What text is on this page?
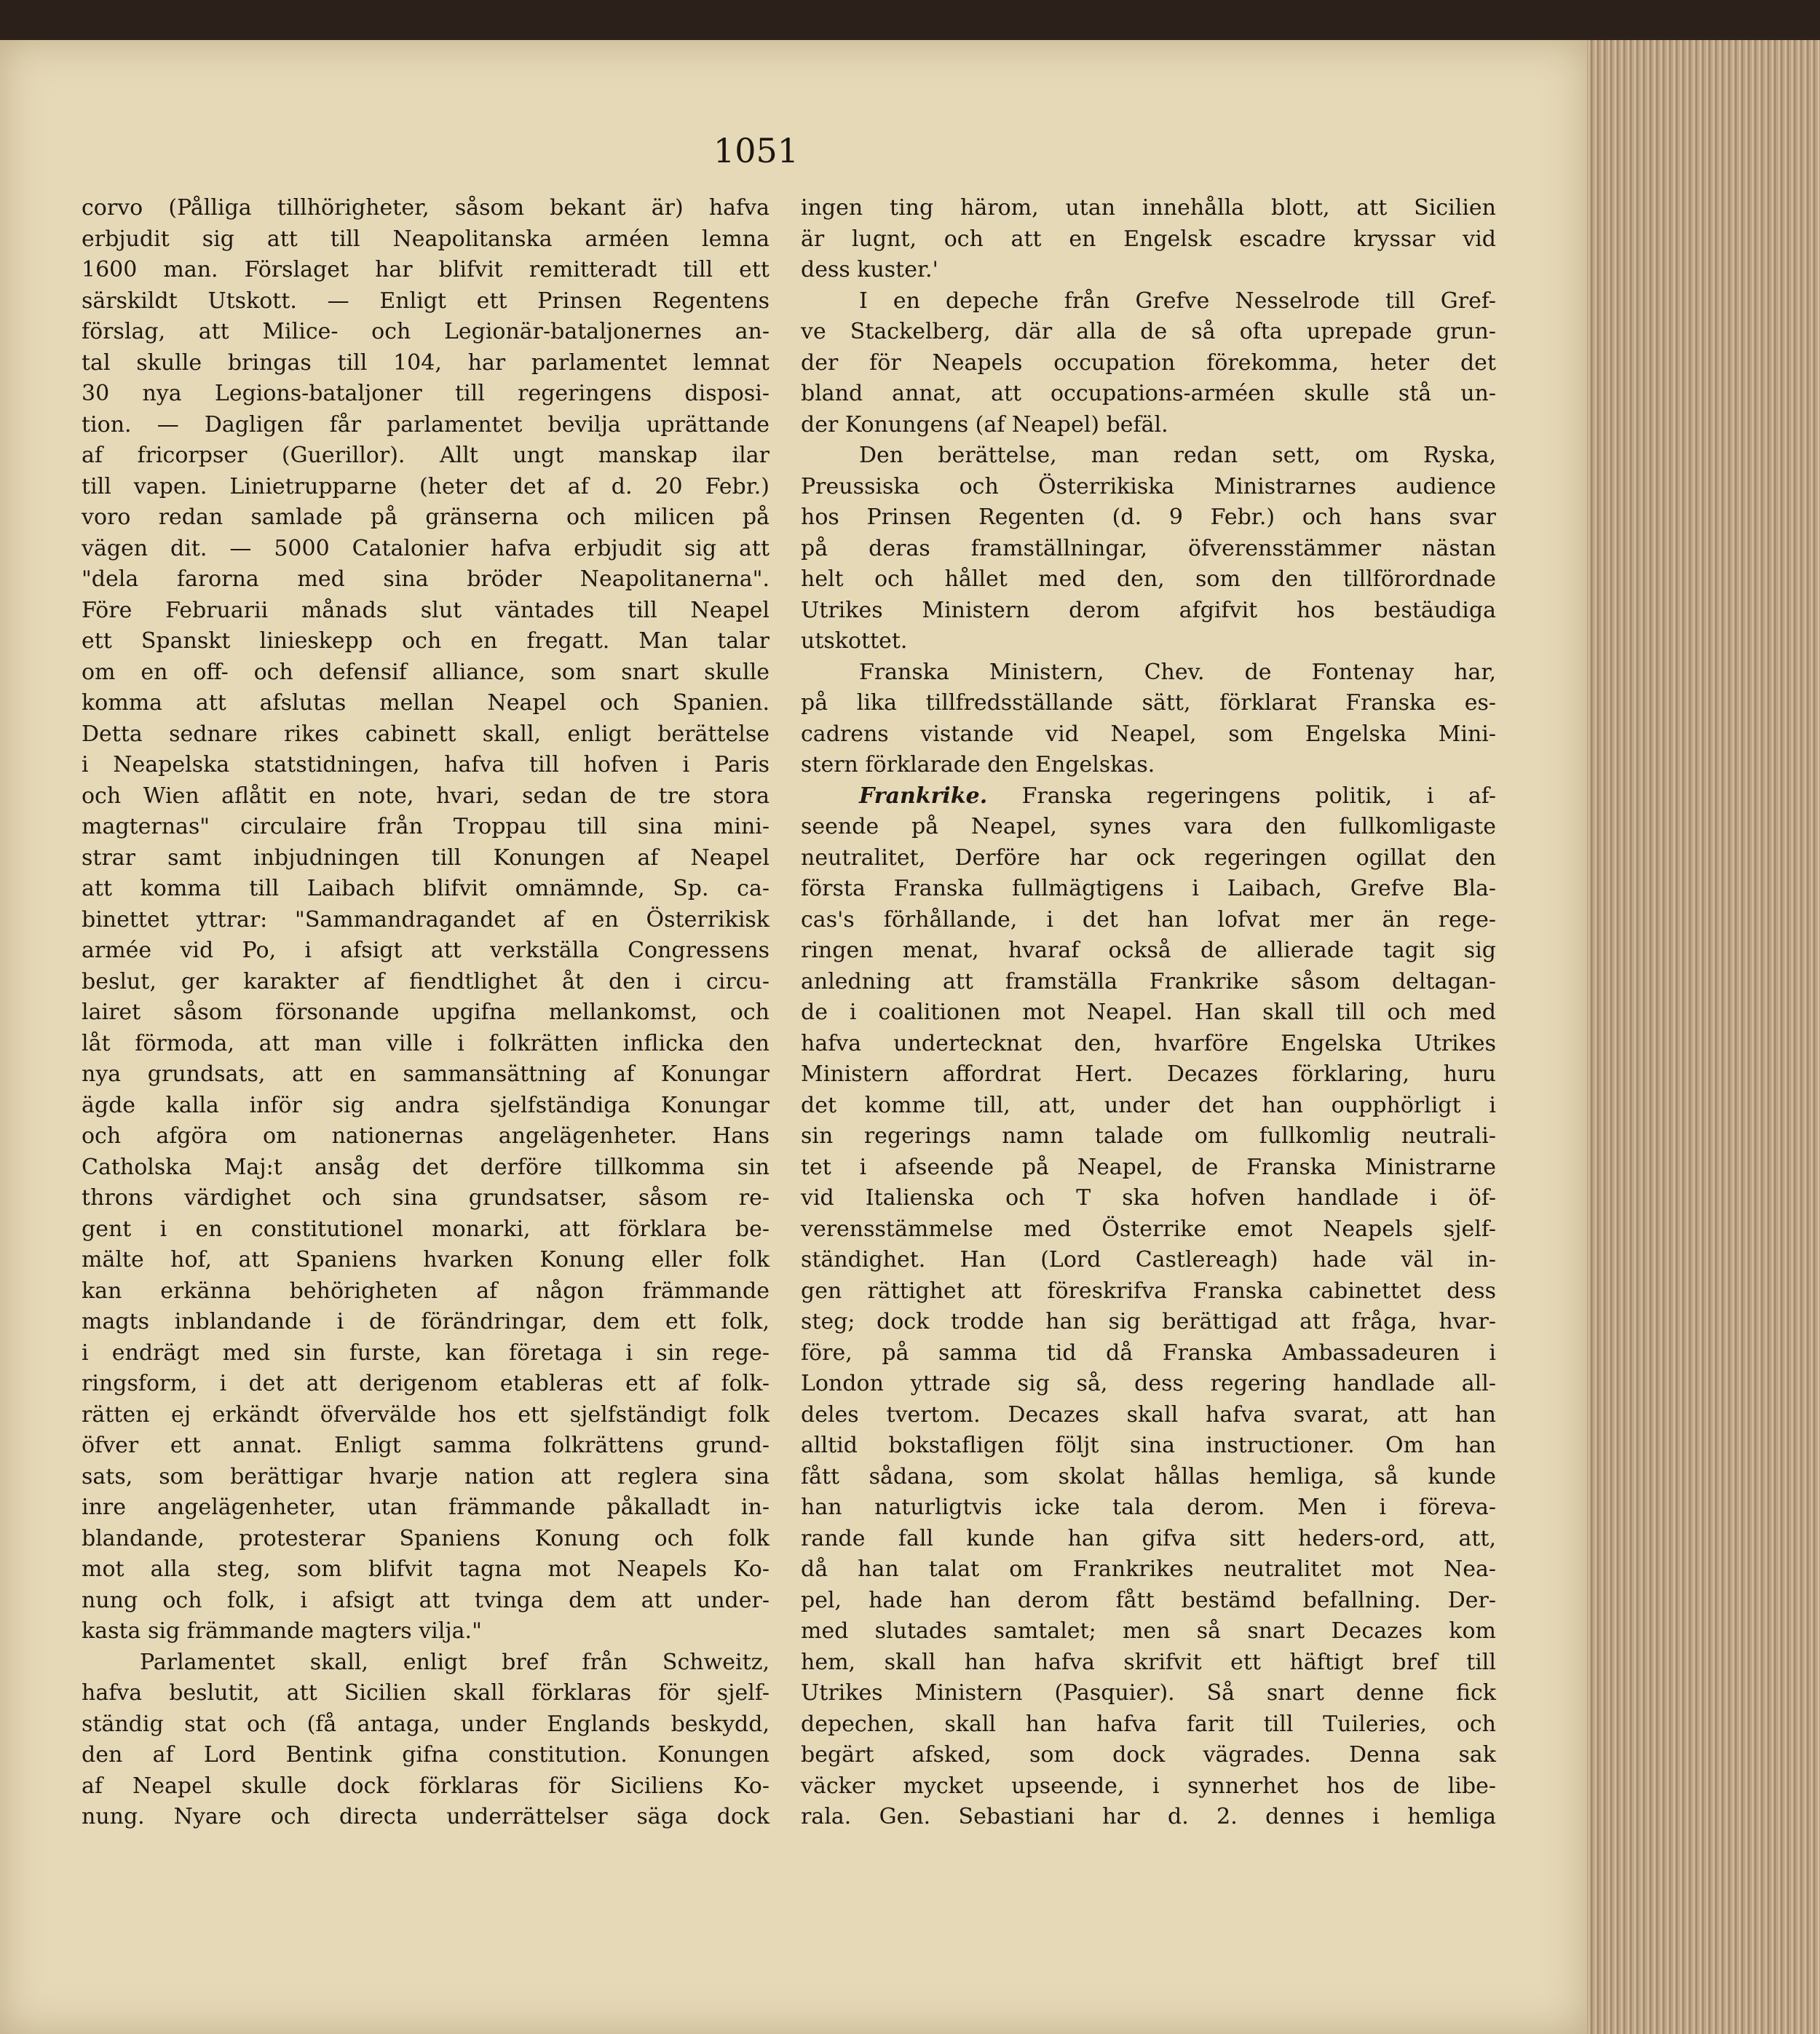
1051
corvo (Pålliga tillhörigheter, såsom bekant är) hafva
erbjudit sig att till Neapolitanska arméen lemna
1600 man. Förslaget har blifvit remitteradt till ett
särskildt Utskott. — Enligt ett Prinsen Regentens
förslag, att Milice- och Legionär-bataljonernes an-
tal skulle bringas till 104, har parlamentet lemnat
30 nya Legions-bataljoner till regeringens disposi-
tion. — Dagligen får parlamentet bevilja uprättande
af fricorpser (Guerillor). Allt ungt manskap ilar
till vapen. Linietrupparne (heter det af d. 20 Febr.)
voro redan samlade på gränserna och milicen på
vägen dit. — 5000 Catalonier hafva erbjudit sig att
"dela farorna med sina bröder Neapolitanerna".
Före Februarii månads slut väntades till Neapel
ett Spanskt linieskepp och en fregatt. Man talar
om en off- och defensif alliance, som snart skulle
komma att afslutas mellan Neapel och Spanien.
Detta sednare rikes cabinett skall, enligt berättelse
i Neapelska statstidningen, hafva till hofven i Paris
och Wien aflåtit en note, hvari, sedan de tre stora
magternas" circulaire från Troppau till sina mini-
strar samt inbjudningen till Konungen af Neapel
att komma till Laibach blifvit omnämnde, Sp. ca-
binettet yttrar: "Sammandragandet af en Österrikisk
armée vid Po, i afsigt att verkställa Congressens
beslut, ger karakter af fiendtlighet åt den i circu-
lairet såsom försonande upgifna mellankomst, och
låt förmoda, att man ville i folkrätten inflicka den
nya grundsats, att en sammansättning af Konungar
ägde kalla inför sig andra sjelfständiga Konungar
och afgöra om nationernas angelägenheter. Hans
Catholska Maj:t ansåg det derföre tillkomma sin
throns värdighet och sina grundsatser, såsom re-
gent i en constitutionel monarki, att förklara be-
mälte hof, att Spaniens hvarken Konung eller folk
kan erkänna behörigheten af någon främmande
magts inblandande i de förändringar, dem ett folk,
i endrägt med sin furste, kan företaga i sin rege-
ringsform, i det att derigenom etableras ett af folk-
rätten ej erkändt öfvervälde hos ett sjelfständigt folk
öfver ett annat. Enligt samma folkrättens grund-
sats, som berättigar hvarje nation att reglera sina
inre angelägenheter, utan främmande påkalladt in-
blandande, protesterar Spaniens Konung och folk
mot alla steg, som blifvit tagna mot Neapels Ko-
nung och folk, i afsigt att tvinga dem att under-
kasta sig främmande magters vilja."
Parlamentet skall, enligt bref från Schweitz,
hafva beslutit, att Sicilien skall förklaras för sjelf-
ständig stat och (få antaga, under Englands beskydd,
den af Lord Bentink gifna constitution. Konungen
af Neapel skulle dock förklaras för Siciliens Ko-
nung. Nyare och directa underrättelser säga dock
ingen ting härom, utan innehålla blott, att Sicilien
är lugnt, och att en Engelsk escadre kryssar vid
dess kuster.'
I en depeche från Grefve Nesselrode till Gref-
ve Stackelberg, där alla de så ofta uprepade grun-
der för Neapels occupation förekomma, heter det
bland annat, att occupations-arméen skulle stå un-
der Konungens (af Neapel) befäl.
Den berättelse, man redan sett, om Ryska,
Preussiska och Österrikiska Ministrarnes audience
hos Prinsen Regenten (d. 9 Febr.) och hans svar
på deras framställningar, öfverensstämmer nästan
helt och hållet med den, som den tillförordnade
Utrikes Ministern derom afgifvit hos bestäudiga
utskottet.
Franska Ministern, Chev. de Fontenay har,
på lika tillfredsställande sätt, förklarat Franska es-
cadrens vistande vid Neapel, som Engelska Mini-
stern förklarade den Engelskas.
Frankrike. Franska regeringens politik, i af-
seende på Neapel, synes vara den fullkomligaste
neutralitet, Derföre har ock regeringen ogillat den
första Franska fullmägtigens i Laibach, Grefve Bla-
cas's förhållande, i det han lofvat mer än rege-
ringen menat, hvaraf också de allierade tagit sig
anledning att framställa Frankrike såsom deltagan-
de i coalitionen mot Neapel. Han skall till och med
hafva undertecknat den, hvarföre Engelska Utrikes
Ministern affordrat Hert. Decazes förklaring, huru
det komme till, att, under det han oupphörligt i
sin regerings namn talade om fullkomlig neutrali-
tet i afseende på Neapel, de Franska Ministrarne
vid Italienska och T ska hofven handlade i öf-
verensstämmelse med Österrike emot Neapels sjelf-
ständighet. Han (Lord Castlereagh) hade väl in-
gen rättighet att föreskrifva Franska cabinettet dess
steg; dock trodde han sig berättigad att fråga, hvar-
före, på samma tid då Franska Ambassadeuren i
London yttrade sig så, dess regering handlade all-
deles tvertom. Decazes skall hafva svarat, att han
alltid bokstafligen följt sina instructioner. Om han
fått sådana, som skolat hållas hemliga, så kunde
han naturligtvis icke tala derom. Men i föreva-
rande fall kunde han gifva sitt heders-ord, att,
då han talat om Frankrikes neutralitet mot Nea-
pel, hade han derom fått bestämd befallning. Der-
med slutades samtalet; men så snart Decazes kom
hem, skall han hafva skrifvit ett häftigt bref till
Utrikes Ministern (Pasquier). Så snart denne fick
depechen, skall han hafva farit till Tuileries, och
begärt afsked, som dock vägrades. Denna sak
väcker mycket upseende, i synnerhet hos de libe-
rala. Gen. Sebastiani har d. 2. dennes i hemliga
